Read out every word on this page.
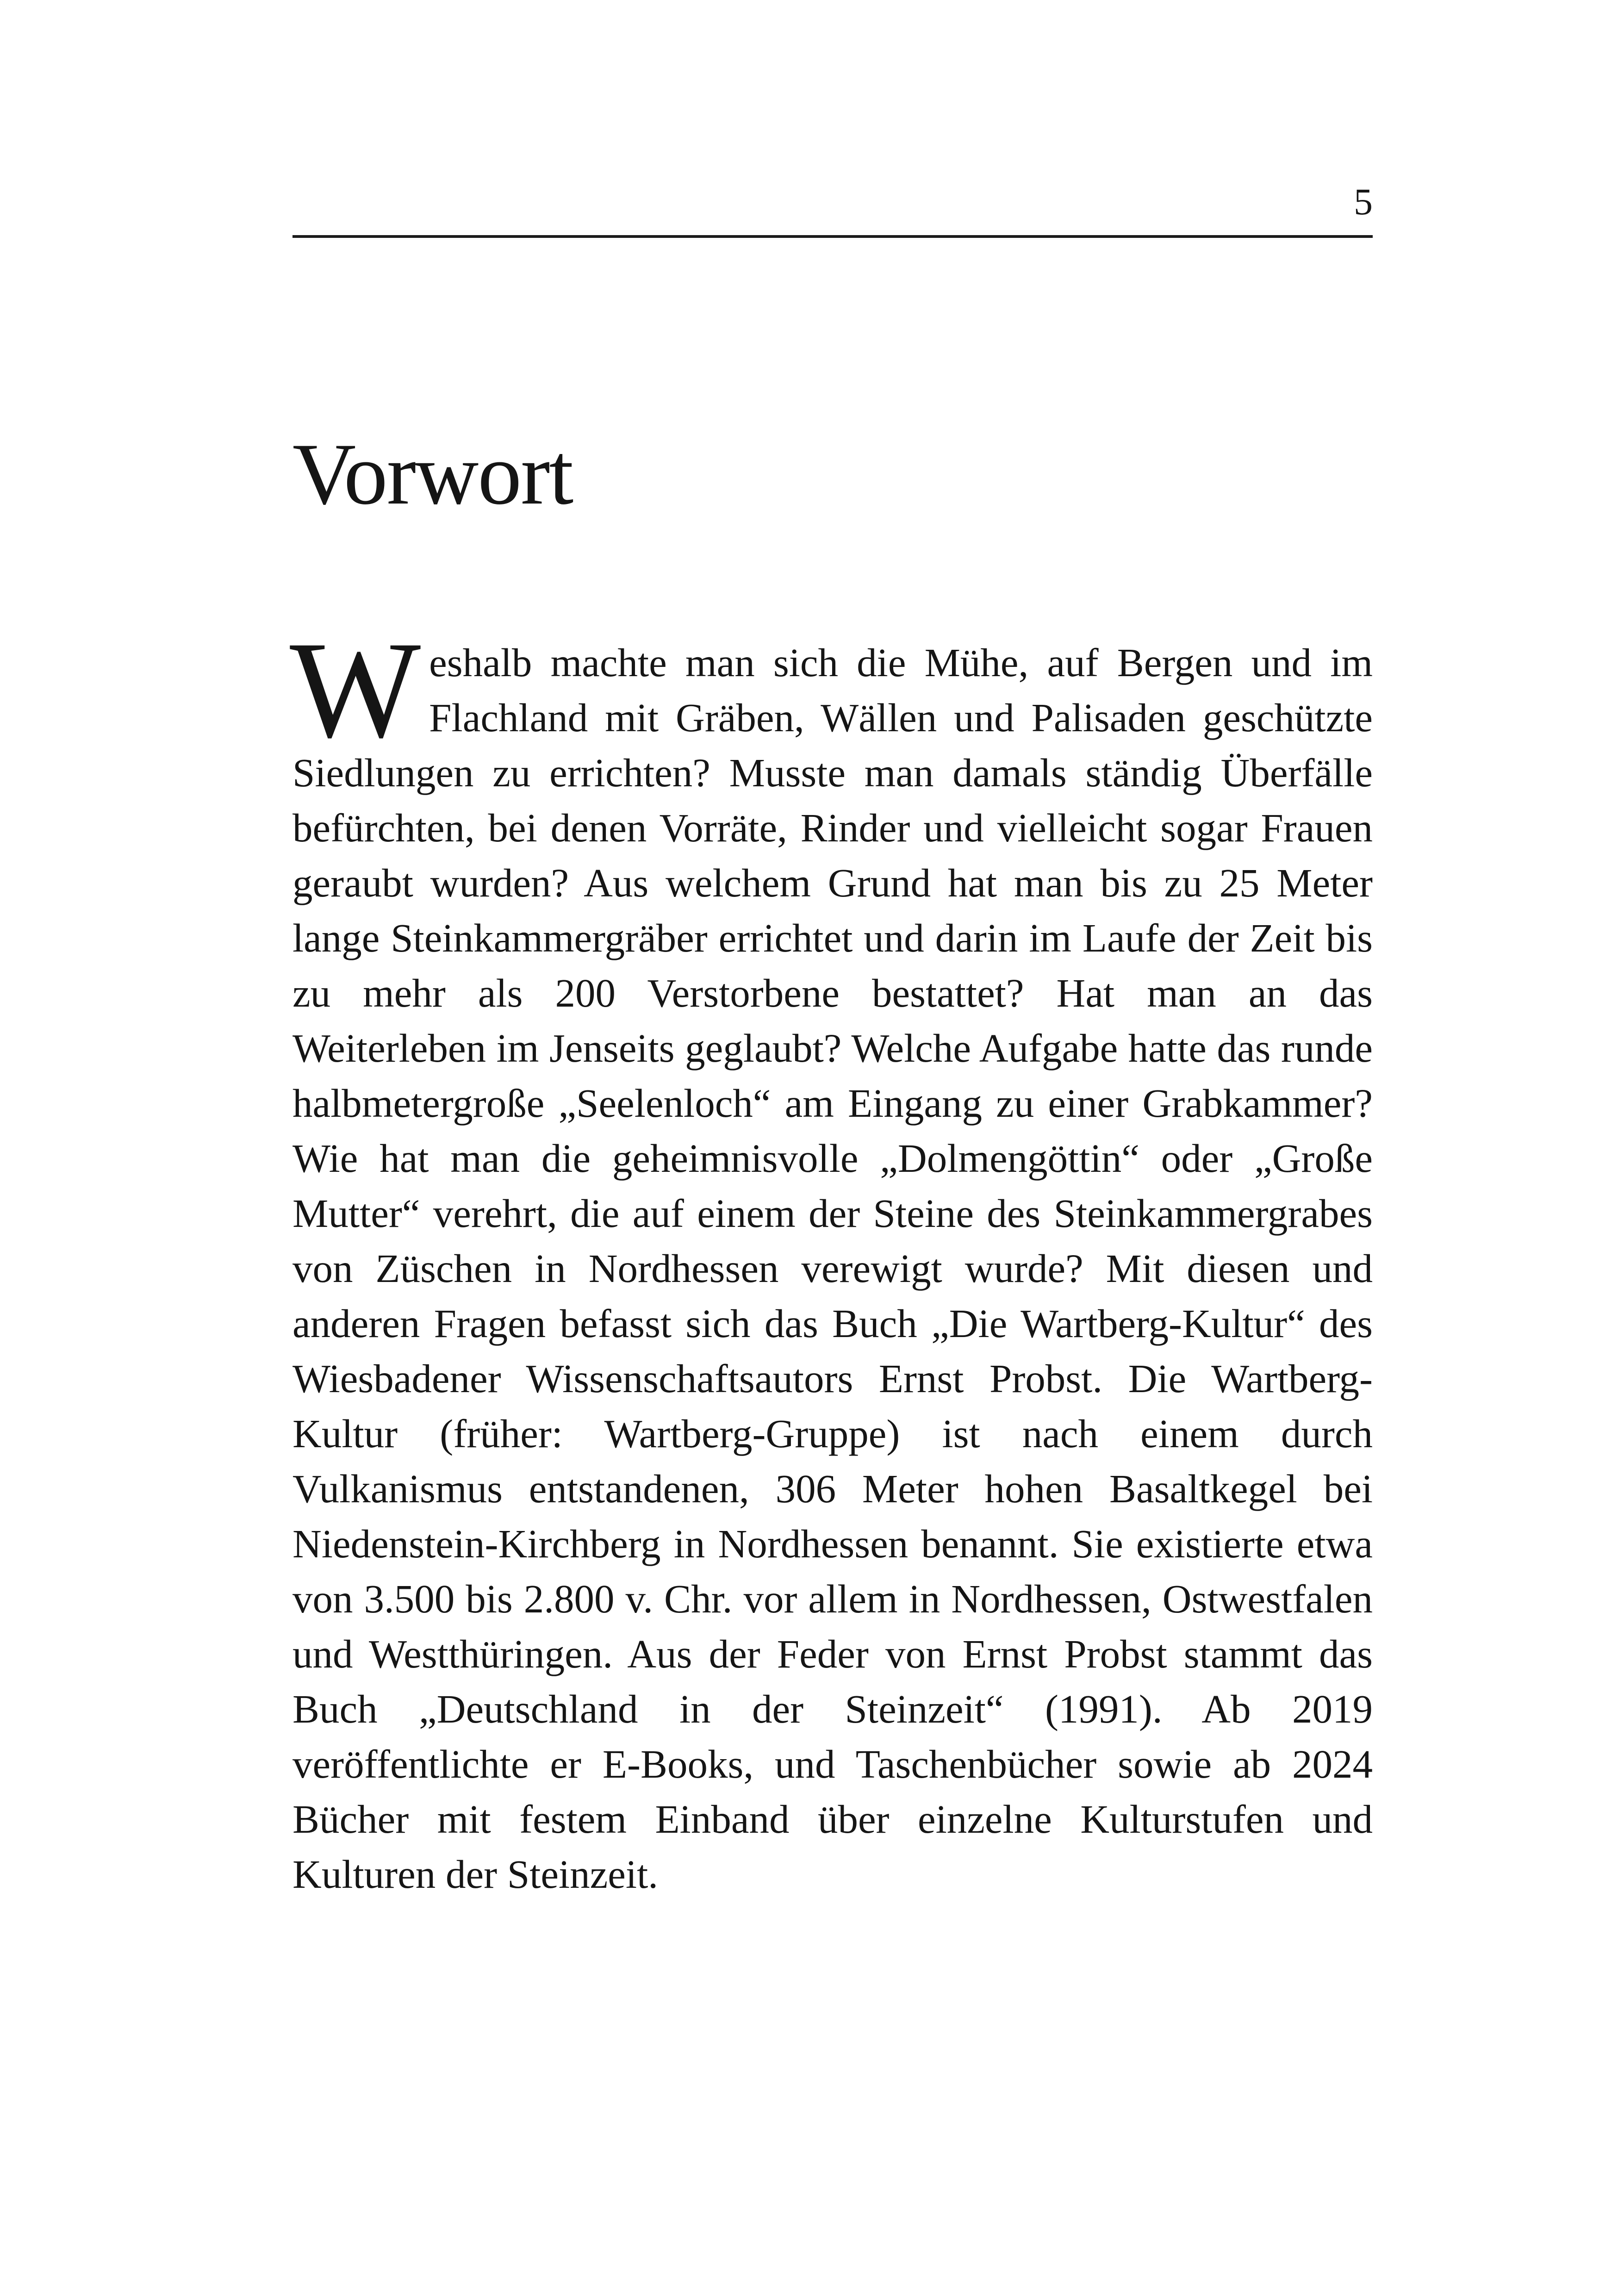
5
Vorwort

Weshalb machte man sich die Mühe, auf Bergen und im Flachland mit Gräben, Wällen und Palisaden geschützte Siedlungen zu errichten? Musste man damals ständig Überfälle befürchten, bei denen Vorräte, Rinder und vielleicht sogar Frauen geraubt wurden? Aus welchem Grund hat man bis zu 25 Meter lange Steinkammergräber errichtet und darin im Laufe der Zeit bis zu mehr als 200 Verstorbene bestattet? Hat man an das Weiterleben im Jenseits geglaubt? Welche Aufgabe hatte das runde halbmetergroße „Seelenloch“ am Eingang zu einer Grabkammer? Wie hat man die geheimnisvolle „Dolmengöttin“ oder „Große Mutter“ verehrt, die auf einem der Steine des Steinkammergrabes von Züschen in Nordhessen verewigt wurde? Mit diesen und anderen Fragen befasst sich das Buch „Die Wartberg-Kultur“ des Wiesbadener Wissenschaftsautors Ernst Probst. Die Wartberg-Kultur (früher: Wartberg-Gruppe) ist nach einem durch Vulkanismus entstandenen, 306 Meter hohen Basaltkegel bei Niedenstein-Kirchberg in Nordhessen benannt. Sie existierte etwa von 3.500 bis 2.800 v. Chr. vor allem in Nordhessen, Ostwestfalen und Westthüringen. Aus der Feder von Ernst Probst stammt das Buch „Deutschland in der Steinzeit“ (1991). Ab 2019 veröffentlichte er E-Books, und Taschenbücher sowie ab 2024 Bücher mit festem Einband über einzelne Kulturstufen und Kulturen der Steinzeit.
